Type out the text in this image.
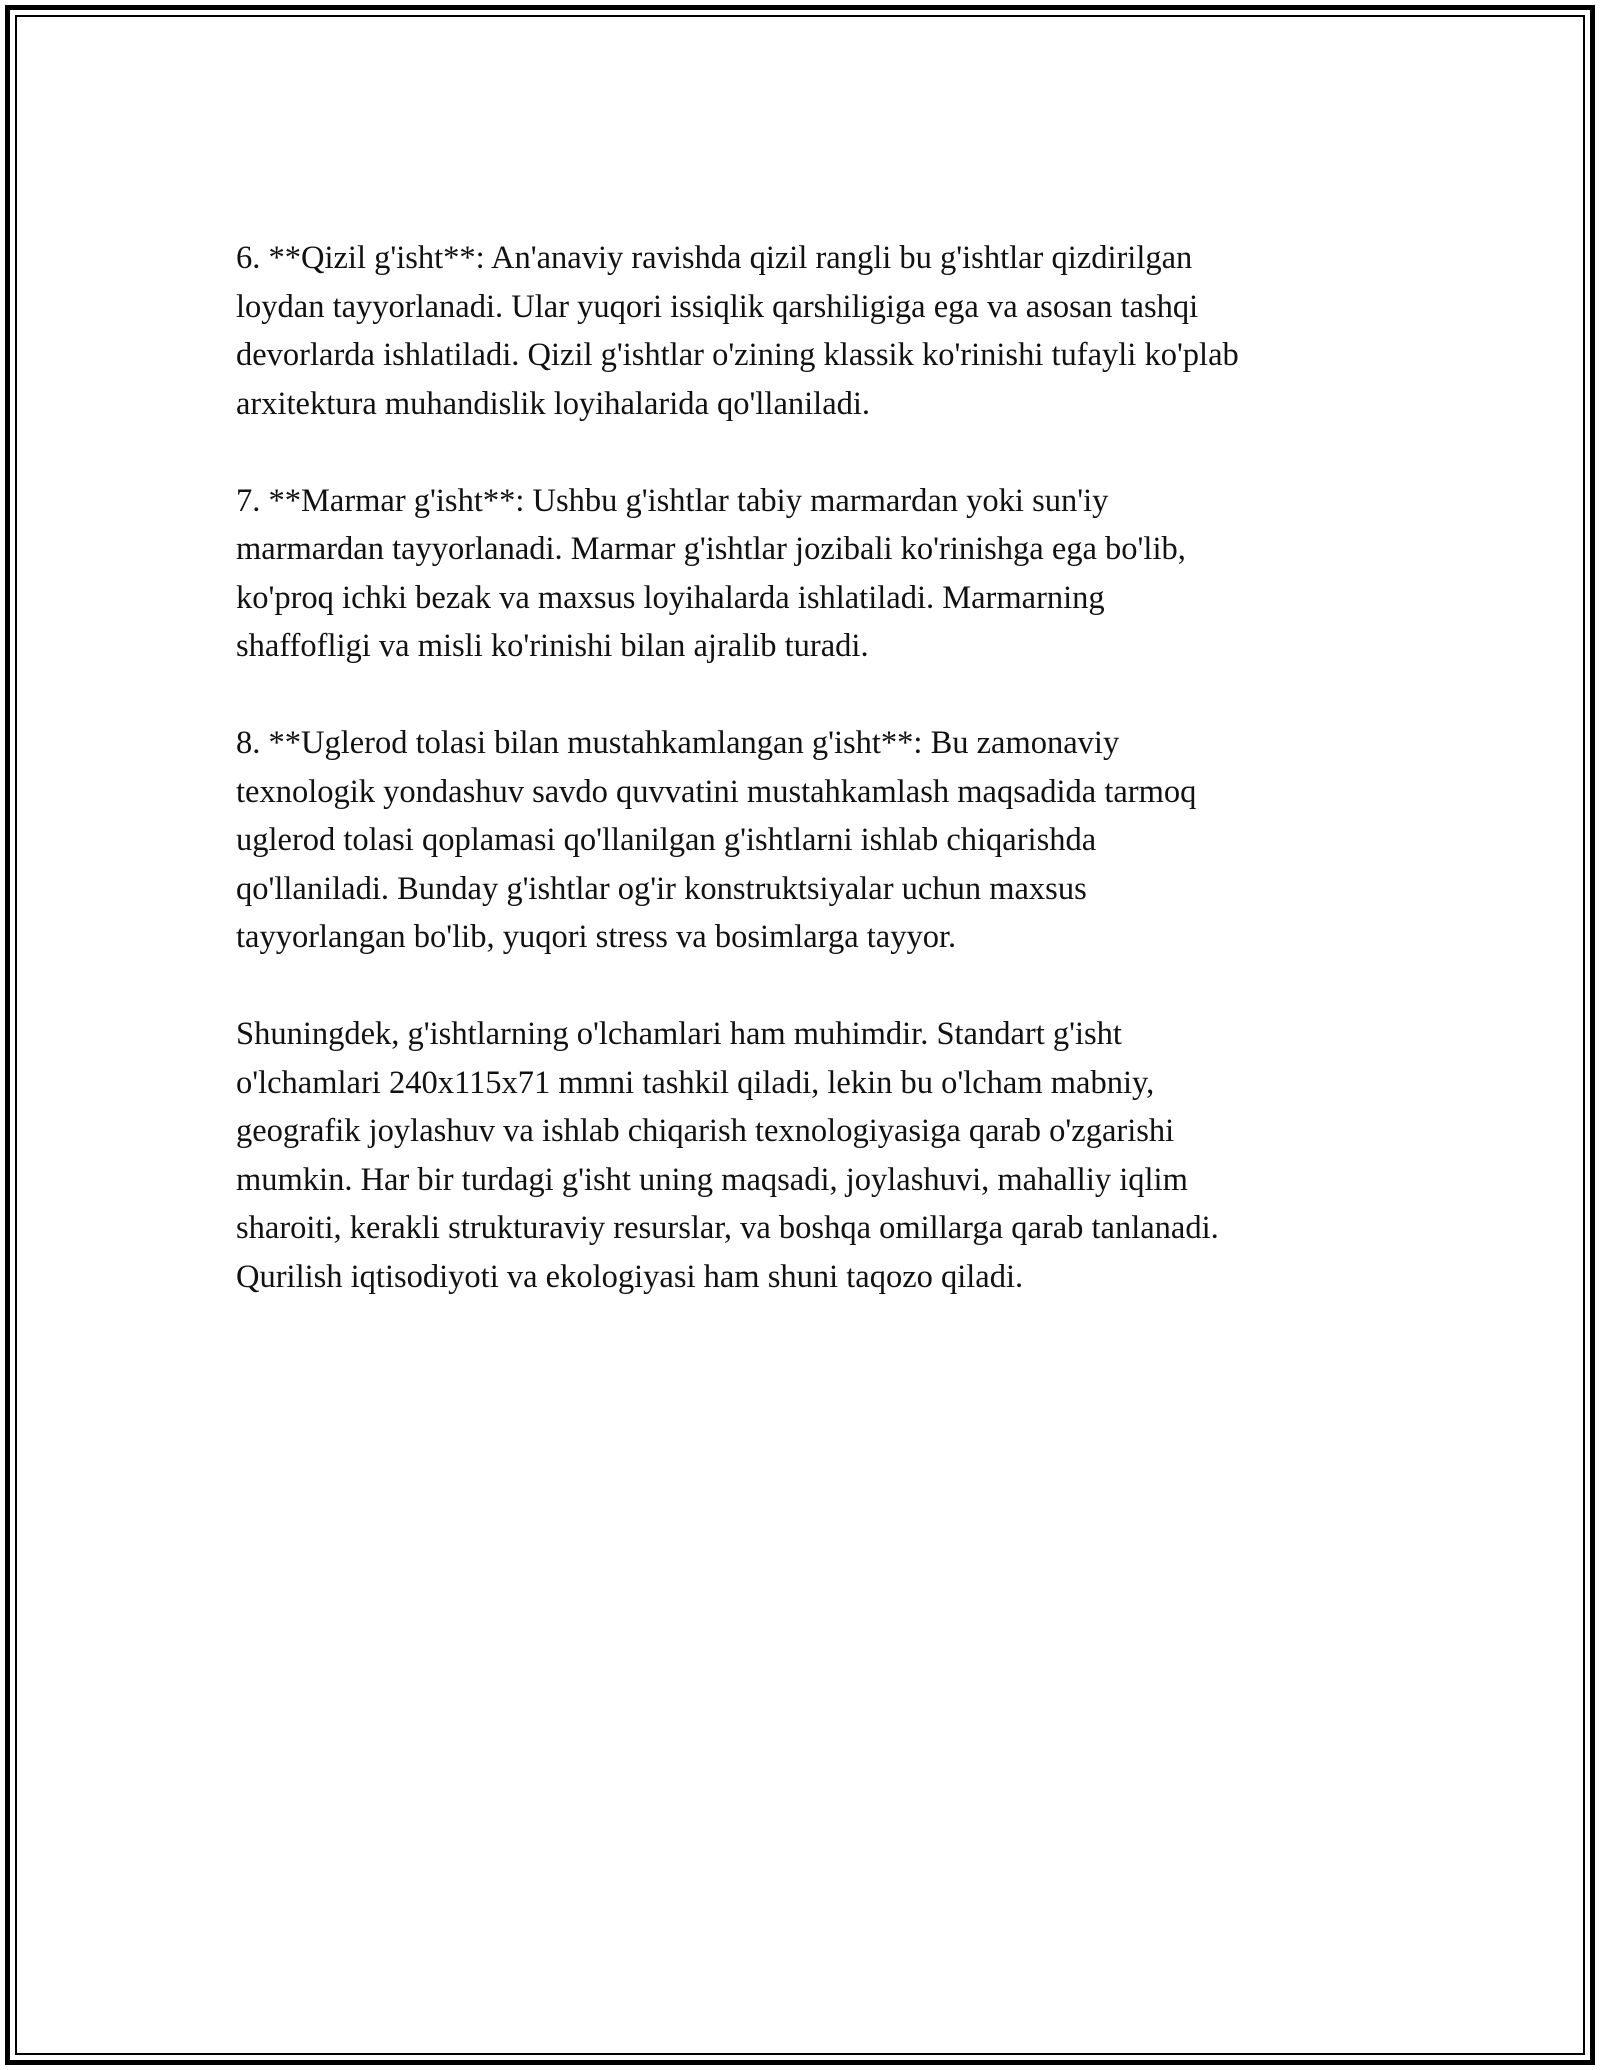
6. **Qizil g'isht**: An'anaviy ravishda qizil rangli bu g'ishtlar qizdirilgan
loydan tayyorlanadi. Ular yuqori issiqlik qarshiligiga ega va asosan tashqi
devorlarda ishlatiladi. Qizil g'ishtlar o'zining klassik ko'rinishi tufayli ko'plab
arxitektura muhandislik loyihalarida qo'llaniladi.

7. **Marmar g'isht**: Ushbu g'ishtlar tabiy marmardan yoki sun'iy
marmardan tayyorlanadi. Marmar g'ishtlar jozibali ko'rinishga ega bo'lib,
ko'proq ichki bezak va maxsus loyihalarda ishlatiladi. Marmarning
shaffofligi va misli ko'rinishi bilan ajralib turadi.

8. **Uglerod tolasi bilan mustahkamlangan g'isht**: Bu zamonaviy
texnologik yondashuv savdo quvvatini mustahkamlash maqsadida tarmoq
uglerod tolasi qoplamasi qo'llanilgan g'ishtlarni ishlab chiqarishda
qo'llaniladi. Bunday g'ishtlar og'ir konstruktsiyalar uchun maxsus
tayyorlangan bo'lib, yuqori stress va bosimlarga tayyor.

Shuningdek, g'ishtlarning o'lchamlari ham muhimdir. Standart g'isht
o'lchamlari 240x115x71 mmni tashkil qiladi, lekin bu o'lcham mabniy,
geografik joylashuv va ishlab chiqarish texnologiyasiga qarab o'zgarishi
mumkin. Har bir turdagi g'isht uning maqsadi, joylashuvi, mahalliy iqlim
sharoiti, kerakli strukturaviy resurslar, va boshqa omillarga qarab tanlanadi.
Qurilish iqtisodiyoti va ekologiyasi ham shuni taqozo qiladi.
